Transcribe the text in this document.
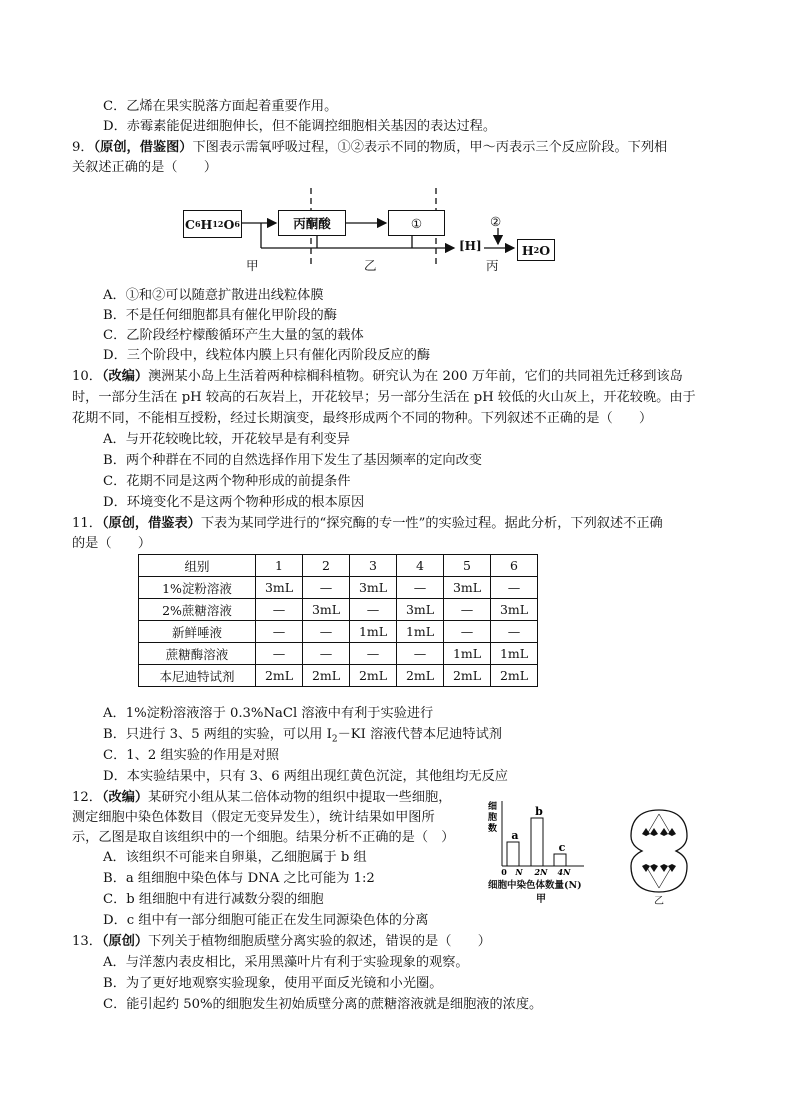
C．乙烯在果实脱落方面起着重要作用。
D．赤霉素能促进细胞伸长，但不能调控细胞相关基因的表达过程。
9．（原创，借鉴图）下图表示需氧呼吸过程，①②表示不同的物质，甲～丙表示三个反应阶段。下列相
关叙述正确的是（　　）
C 6 H 12 O 6	丙酮酸	①	②
[H]	H 2 O
甲	乙	丙
A．①和②可以随意扩散进出线粒体膜
B．不是任何细胞都具有催化甲阶段的酶
C．乙阶段经柠檬酸循环产生大量的氢的载体
D．三个阶段中，线粒体内膜上只有催化丙阶段反应的酶
10．（改编）澳洲某小岛上生活着两种棕榈科植物。研究认为在 200 万年前，它们的共同祖先迁移到该岛
时，一部分生活在 pH 较高的石灰岩上，开花较早；另一部分生活在 pH 较低的火山灰上，开花较晚。由于
花期不同，不能相互授粉，经过长期演变，最终形成两个不同的物种。下列叙述不正确的是（　　）
A．与开花较晚比较，开花较早是有利变异
B．两个种群在不同的自然选择作用下发生了基因频率的定向改变
C．花期不同是这两个物种形成的前提条件
D．环境变化不是这两个物种形成的根本原因
11．（原创，借鉴表）下表为某同学进行的“探究酶的专一性”的实验过程。据此分析，下列叙述不正确
的是（　　）
组别	1	2	3	4	5	6
1%淀粉溶液	3mL	—	3mL	—	3mL	—
2%蔗糖溶液	—	3mL	—	3mL	—	3mL
新鲜唾液	—	—	1mL	1mL	—	—
蔗糖酶溶液	—	—	—	—	1mL	1mL
本尼迪特试剂	2mL	2mL	2mL	2mL	2mL	2mL
A．1%淀粉溶液溶于 0.3%NaCl 溶液中有利于实验进行
B．只进行 3、5 两组的实验，可以用 $I_2-KI$ 溶液代替本尼迪特试剂
C．1、2 组实验的作用是对照
D．本实验结果中，只有 3、6 两组出现红黄色沉淀，其他组均无反应
12．（改编）某研究小组从某二倍体动物的组织中提取一些细胞，
测定细胞中染色体数目（假定无变异发生），统计结果如甲图所
示，乙图是取自该组织中的一个细胞。结果分析不正确的是（　）
A．该组织不可能来自卵巢，乙细胞属于 b 组
B．a 组细胞中染色体与 DNA 之比可能为 1:2
C．b 组细胞中有进行减数分裂的细胞
D．c 组中有一部分细胞可能正在发生同源染色体的分离
细
胞
数 a
b
c
0 N 2N 4N
细胞中染色体数量(N)
甲	乙
13．（原创）下列关于植物细胞质壁分离实验的叙述，错误的是（　　）
A．与洋葱内表皮相比，采用黑藻叶片有利于实验现象的观察。
B．为了更好地观察实验现象，使用平面反光镜和小光圈。
C．能引起约 50%的细胞发生初始质壁分离的蔗糖溶液就是细胞液的浓度。
